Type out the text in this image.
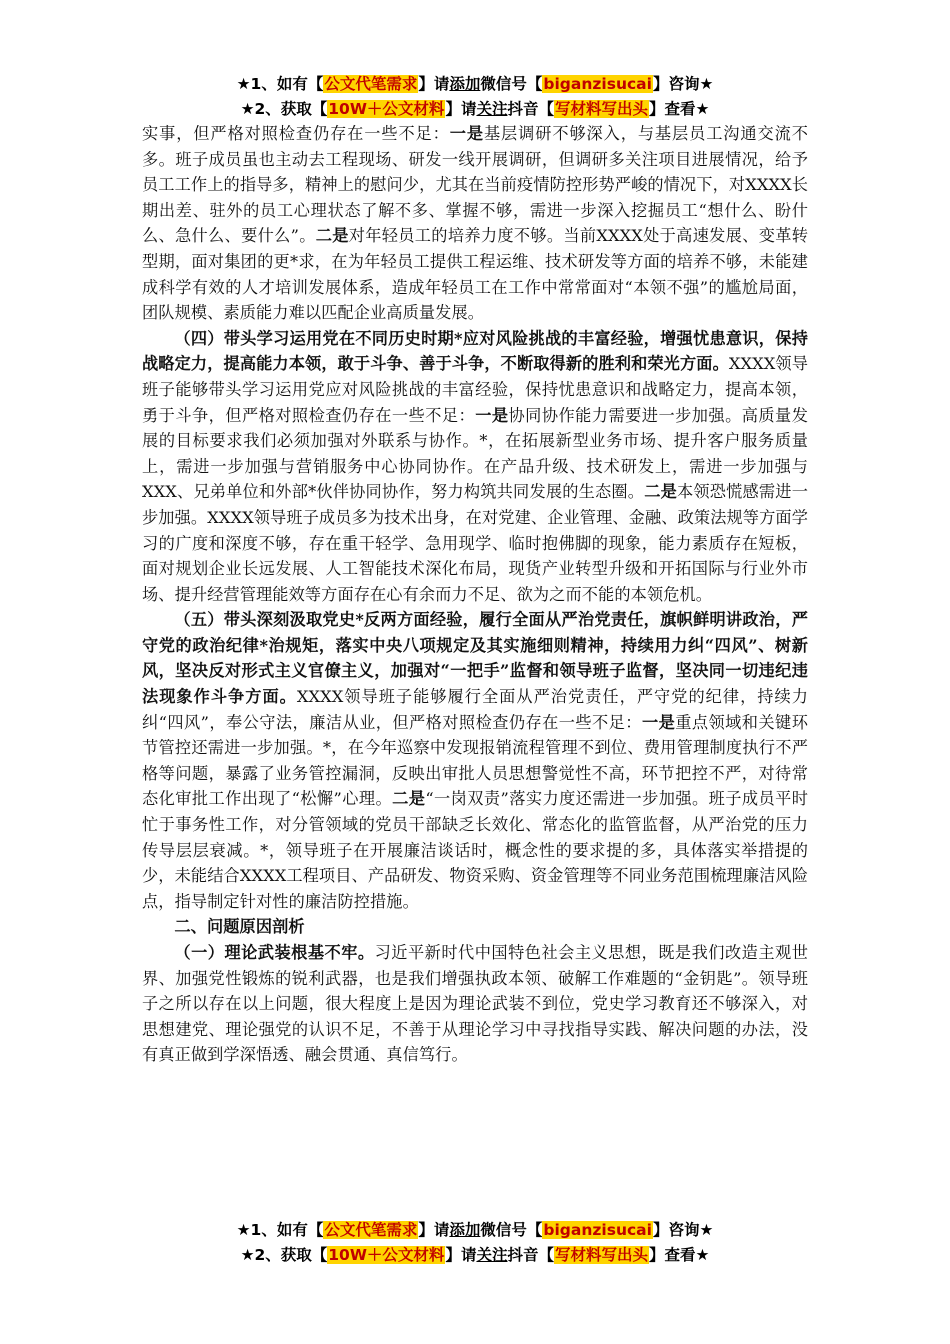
★1、如有【公文代笔需求】请添加微信号【biganzisucai】咨询★
★2、获取【10W＋公文材料】请关注抖音【写材料写出头】查看★

实事，但严格对照检查仍存在一些不足：一是基层调研不够深入，与基层员工沟通交流不多。班子成员虽也主动去工程现场、研发一线开展调研，但调研多关注项目进展情况，给予员工工作上的指导多，精神上的慰问少，尤其在当前疫情防控形势严峻的情况下，对XXXX长期出差、驻外的员工心理状态了解不多、掌握不够，需进一步深入挖掘员工“想什么、盼什么、急什么、要什么”。二是对年轻员工的培养力度不够。当前XXXX处于高速发展、变革转型期，面对集团的更*求，在为年轻员工提供工程运维、技术研发等方面的培养不够，未能建成科学有效的人才培训发展体系，造成年轻员工在工作中常常面对“本领不强”的尴尬局面，团队规模、素质能力难以匹配企业高质量发展。

（四）带头学习运用党在不同历史时期*应对风险挑战的丰富经验，增强忧患意识，保持战略定力，提高能力本领，敢于斗争、善于斗争，不断取得新的胜利和荣光方面。XXXX领导班子能够带头学习运用党应对风险挑战的丰富经验，保持忧患意识和战略定力，提高本领，勇于斗争，但严格对照检查仍存在一些不足：一是协同协作能力需要进一步加强。高质量发展的目标要求我们必须加强对外联系与协作。*，在拓展新型业务市场、提升客户服务质量上，需进一步加强与营销服务中心协同协作。在产品升级、技术研发上，需进一步加强与XXX、兄弟单位和外部*伙伴协同协作，努力构筑共同发展的生态圈。二是本领恐慌感需进一步加强。XXXX领导班子成员多为技术出身，在对党建、企业管理、金融、政策法规等方面学习的广度和深度不够，存在重干轻学、急用现学、临时抱佛脚的现象，能力素质存在短板，面对规划企业长远发展、人工智能技术深化布局，现货产业转型升级和开拓国际与行业外市场、提升经营管理能效等方面存在心有余而力不足、欲为之而不能的本领危机。

（五）带头深刻汲取党史*反两方面经验，履行全面从严治党责任，旗帜鲜明讲政治，严守党的政治纪律*治规矩，落实中央八项规定及其实施细则精神，持续用力纠“四风”、树新风，坚决反对形式主义官僚主义，加强对“一把手”监督和领导班子监督，坚决同一切违纪违法现象作斗争方面。XXXX领导班子能够履行全面从严治党责任，严守党的纪律，持续力纠“四风”，奉公守法，廉洁从业，但严格对照检查仍存在一些不足：一是重点领域和关键环节管控还需进一步加强。*，在今年巡察中发现报销流程管理不到位、费用管理制度执行不严格等问题，暴露了业务管控漏洞，反映出审批人员思想警觉性不高，环节把控不严，对待常态化审批工作出现了“松懈”心理。二是“一岗双责”落实力度还需进一步加强。班子成员平时忙于事务性工作，对分管领域的党员干部缺乏长效化、常态化的监管监督，从严治党的压力传导层层衰减。*，领导班子在开展廉洁谈话时，概念性的要求提的多，具体落实举措提的少，未能结合XXXX工程项目、产品研发、物资采购、资金管理等不同业务范围梳理廉洁风险点，指导制定针对性的廉洁防控措施。

二、问题原因剖析

（一）理论武装根基不牢。习近平新时代中国特色社会主义思想，既是我们改造主观世界、加强党性锻炼的锐利武器，也是我们增强执政本领、破解工作难题的“金钥匙”。领导班子之所以存在以上问题，很大程度上是因为理论武装不到位，党史学习教育还不够深入，对思想建党、理论强党的认识不足，不善于从理论学习中寻找指导实践、解决问题的办法，没有真正做到学深悟透、融会贯通、真信笃行。

★1、如有【公文代笔需求】请添加微信号【biganzisucai】咨询★
★2、获取【10W＋公文材料】请关注抖音【写材料写出头】查看★
